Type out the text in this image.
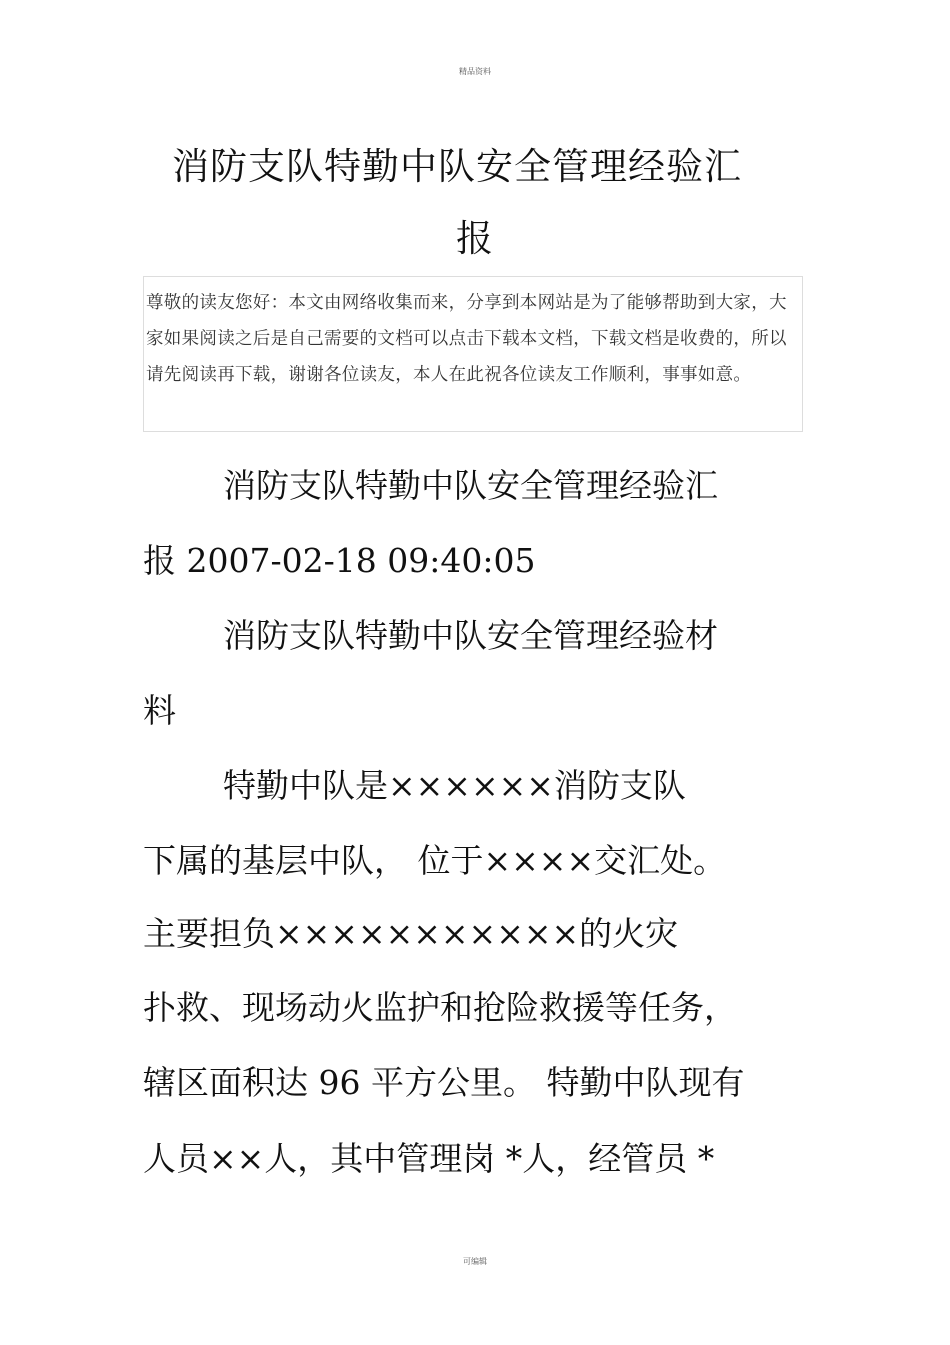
精品资料
消防支队特勤中队安全管理经验汇
报
尊敬的读友您好：本文由网络收集而来，分享到本网站是为了能够帮助到大家，大家如果阅读之后是自己需要的文档可以点击下载本文档，下载文档是收费的，所以请先阅读再下载，谢谢各位读友，本人在此祝各位读友工作顺利，事事如意。
消防支队特勤中队安全管理经验汇
报 2007-02-18 09:40:05
消防支队特勤中队安全管理经验材
料
特勤中队是××××××消防支队
下属的基层中队， 位于××××交汇处。
主要担负×××××××××××的火灾
扑救、现场动火监护和抢险救援等任务，
辖区面积达 96 平方公里。 特勤中队现有
人员××人，其中管理岗 *人，经管员 *
可编辑
